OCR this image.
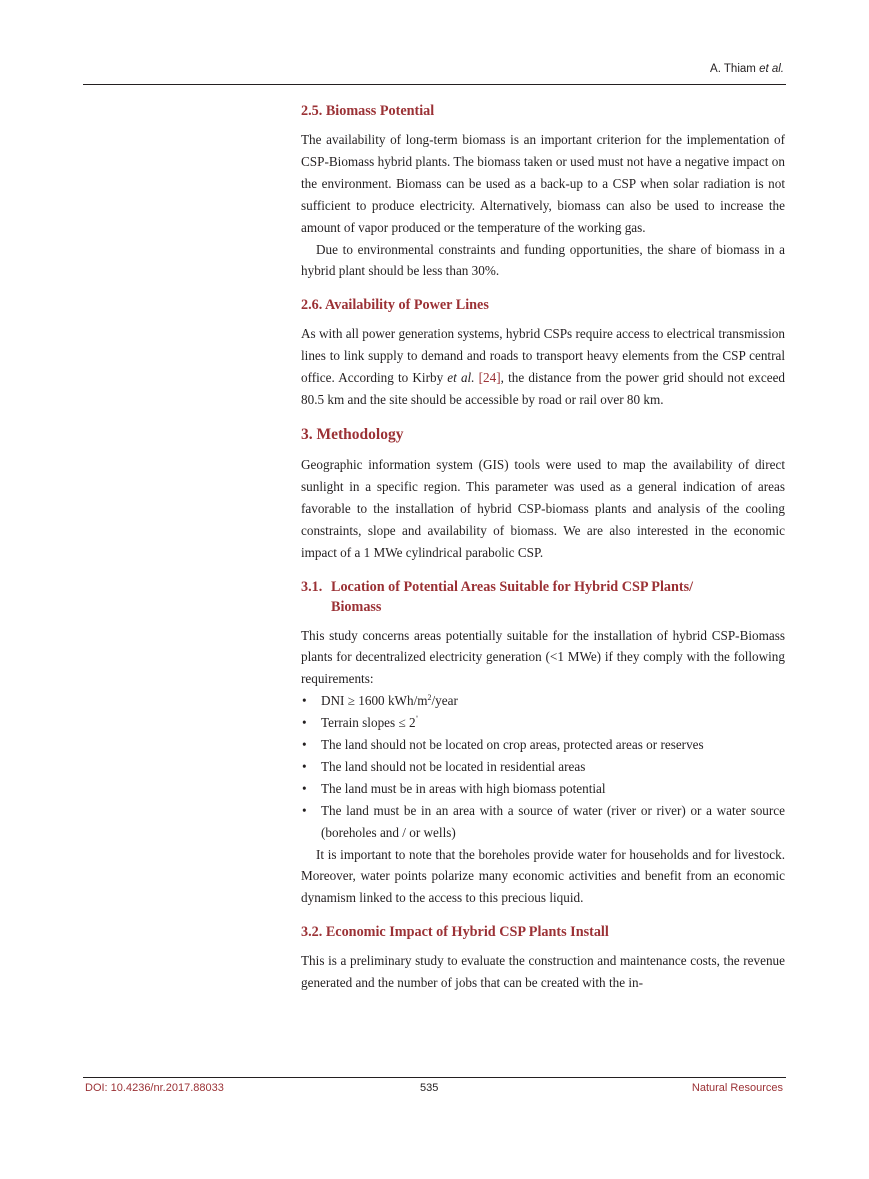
A. Thiam et al.
2.5. Biomass Potential

The availability of long-term biomass is an important criterion for the implementation of CSP-Biomass hybrid plants. The biomass taken or used must not have a negative impact on the environment. Biomass can be used as a back-up to a CSP when solar radiation is not sufficient to produce electricity. Alternatively, biomass can also be used to increase the amount of vapor produced or the temperature of the working gas.

Due to environmental constraints and funding opportunities, the share of biomass in a hybrid plant should be less than 30%.

2.6. Availability of Power Lines

As with all power generation systems, hybrid CSPs require access to electrical transmission lines to link supply to demand and roads to transport heavy elements from the CSP central office. According to Kirby et al. [24], the distance from the power grid should not exceed 80.5 km and the site should be accessible by road or rail over 80 km.

3. Methodology

Geographic information system (GIS) tools were used to map the availability of direct sunlight in a specific region. This parameter was used as a general indication of areas favorable to the installation of hybrid CSP-biomass plants and analysis of the cooling constraints, slope and availability of biomass. We are also interested in the economic impact of a 1 MWe cylindrical parabolic CSP.

3.1. Location of Potential Areas Suitable for Hybrid CSP Plants/
Biomass

This study concerns areas potentially suitable for the installation of hybrid CSP-Biomass plants for decentralized electricity generation (<1 MWe) if they comply with the following requirements:

• DNI ≥ 1600 kWh/$m^2$/year
• Terrain slopes ≤ 2˚
• The land should not be located on crop areas, protected areas or reserves
• The land should not be located in residential areas
• The land must be in areas with high biomass potential
• The land must be in an area with a source of water (river or river) or a water source (boreholes and / or wells)

It is important to note that the boreholes provide water for households and for livestock. Moreover, water points polarize many economic activities and benefit from an economic dynamism linked to the access to this precious liquid.

3.2. Economic Impact of Hybrid CSP Plants Install

This is a preliminary study to evaluate the construction and maintenance costs, the revenue generated and the number of jobs that can be created with the in-

DOI: 10.4236/nr.2017.88033	535	Natural Resources
